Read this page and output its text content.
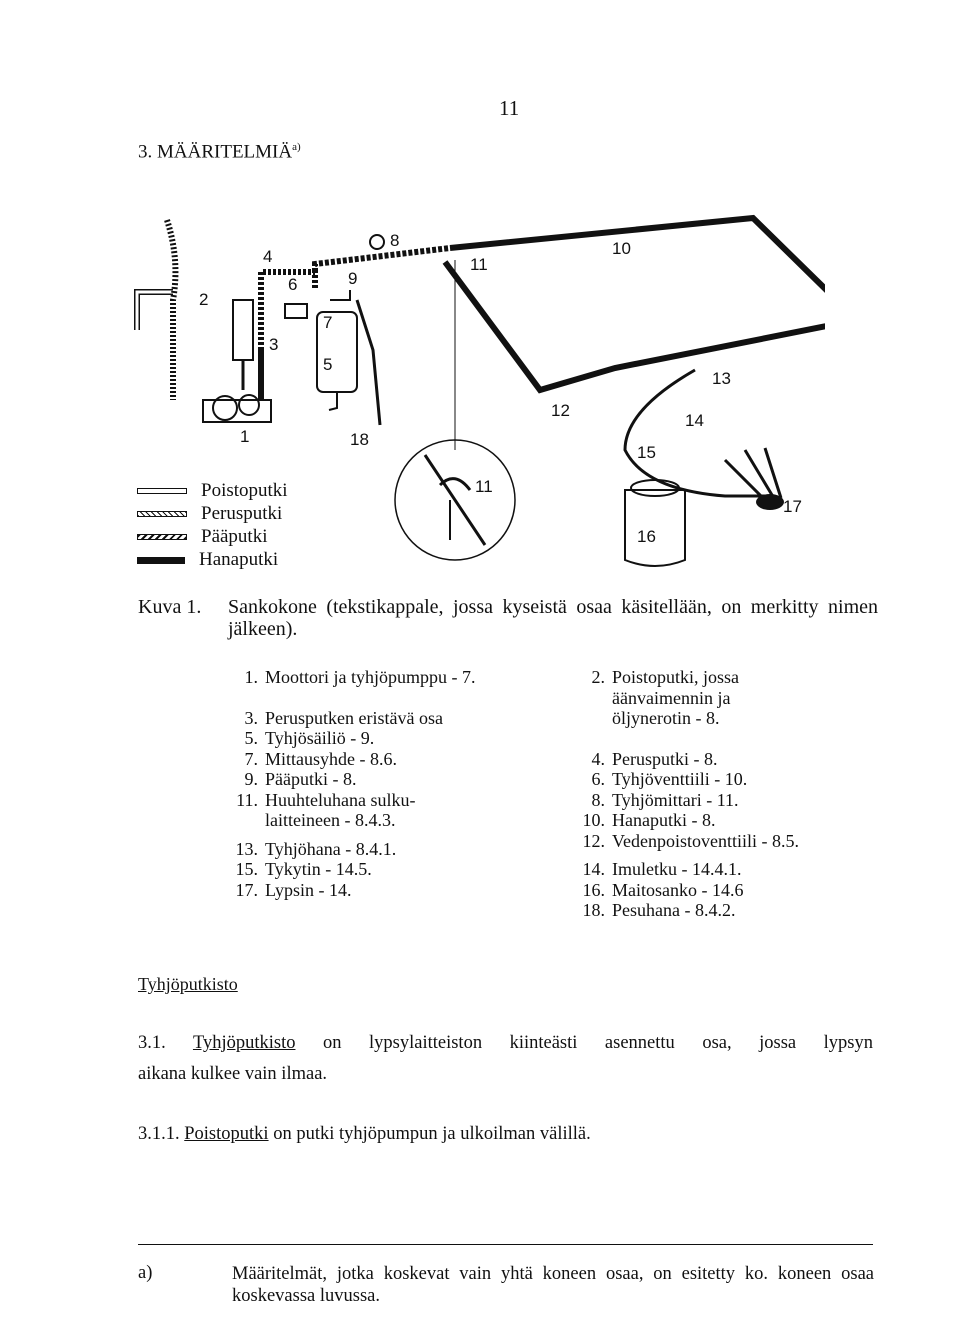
11
3. MÄÄRITELMIÄ$^{a)}$
1
2
3
4
5
6
7
8
9
10
11
12
13
14
15
16
17
18
11
Poistoputki
Perusputki
Pääputki
Hanaputki
Kuva 1. Sankokone (tekstikappale, jossa kyseistä osaa käsitellään, on merkitty nimen jälkeen).
1. Moottori ja tyhjöpumppu - 7.
3. Perusputken eristävä osa
5. Tyhjösäiliö - 9.
7. Mittausyhde - 8.6.
9. Pääputki - 8.
11. Huuhteluhana sulku-
laitteineen - 8.4.3.
13. Tyhjöhana - 8.4.1.
15. Tykytin - 14.5.
17. Lypsin - 14.
2. Poistoputki, jossa
äänvaimennin ja
öljynerotin - 8.
4. Perusputki - 8.
6. Tyhjöventtiili - 10.
8. Tyhjömittari - 11.
10. Hanaputki - 8.
12. Vedenpoistoventtiili - 8.5.
14. Imuletku - 14.4.1.
16. Maitosanko - 14.6
18. Pesuhana - 8.4.2.
Tyhjöputkisto
3.1. Tyhjöputkisto on lypsylaitteiston kiinteästi asennettu osa, jossa lypsyn
aikana kulkee vain ilmaa.
3.1.1. Poistoputki on putki tyhjöpumpun ja ulkoilman välillä.
a)	Määritelmät, jotka koskevat vain yhtä koneen osaa, on esitetty ko. koneen osaa koskevassa luvussa.
